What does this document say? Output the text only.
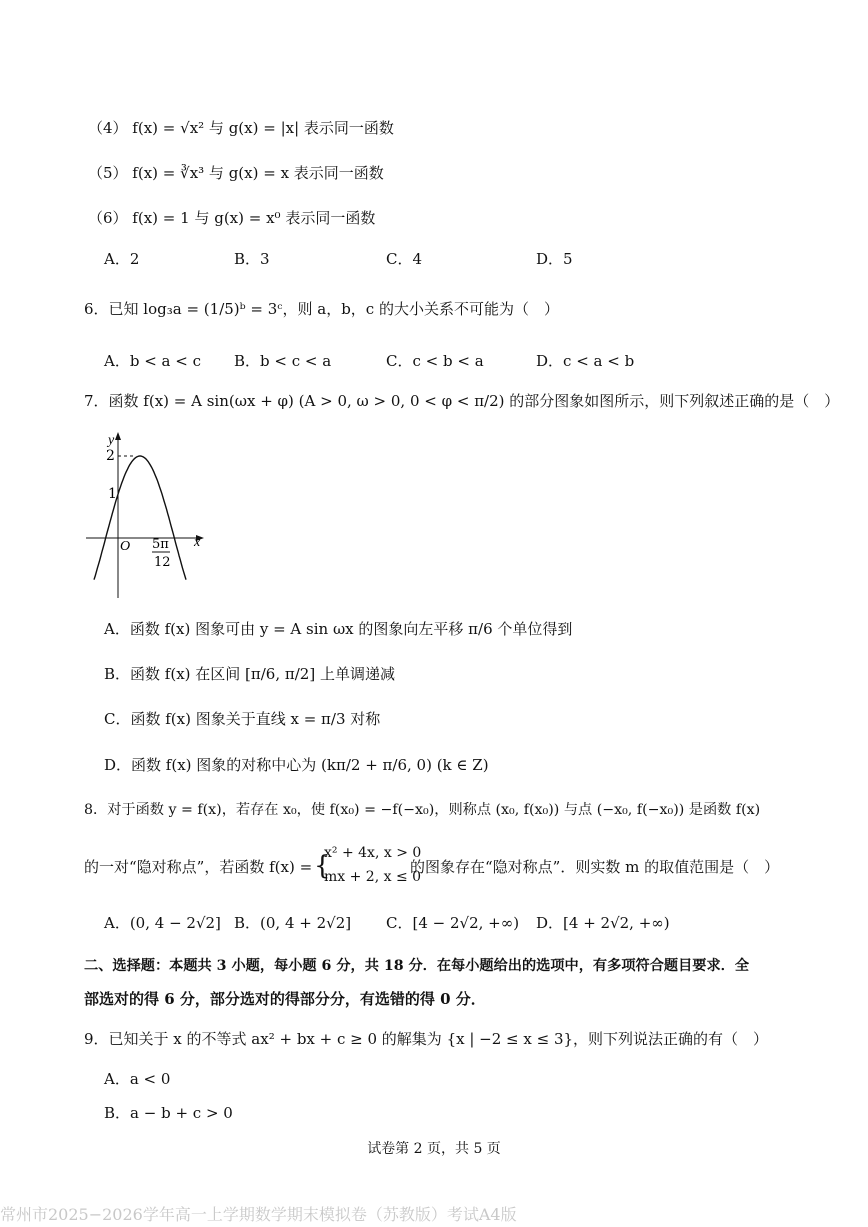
（4） f(x) = √x² 与 g(x) = |x| 表示同一函数
（5） f(x) = ∛x³ 与 g(x) = x 表示同一函数
（6） f(x) = 1 与 g(x) = x⁰ 表示同一函数
A．2	B．3	C．4	D．5
6．已知 log₃a = (1/5)ᵇ = 3ᶜ，则 a，b，c 的大小关系不可能为（　）
A．b < a < c B．b < c < a	C．c < b < a	D．c < a < b
7．函数 f(x) = A sin(ωx + φ) (A > 0, ω > 0, 0 < φ < π/2) 的部分图象如图所示，则下列叙述正确的是（　）
y
x
O
2
1
5π
12
A．函数 f(x) 图象可由 y = A sin ωx 的图象向左平移 π/6 个单位得到
B．函数 f(x) 在区间 [π/6, π/2] 上单调递减
C．函数 f(x) 图象关于直线 x = π/3 对称
D．函数 f(x) 图象的对称中心为 (kπ/2 + π/6, 0) (k ∈ Z)
8．对于函数 y = f(x)，若存在 x₀，使 f(x₀) = −f(−x₀)，则称点 (x₀, f(x₀)) 与点 (−x₀, f(−x₀)) 是函数 f(x)
的一对“隐对称点”，若函数 f(x) = {
x² + 4x, x > 0
mx + 2, x ≤ 0
的图象存在“隐对称点”．则实数 m 的取值范围是（　）
A．(0, 4 − 2√2] B．(0, 4 + 2√2] C．[4 − 2√2, +∞) D．[4 + 2√2, +∞)
二、选择题：本题共 3 小题，每小题 6 分，共 18 分．在每小题给出的选项中，有多项符合题目要求．全
部选对的得 6 分，部分选对的得部分分，有选错的得 0 分．
9．已知关于 x 的不等式 ax² + bx + c ≥ 0 的解集为 {x | −2 ≤ x ≤ 3}，则下列说法正确的有（　）
A．a < 0
B．a − b + c > 0
试卷第 2 页，共 5 页
常州市2025−2026学年高一上学期数学期末模拟卷（苏教版）考试A4版
